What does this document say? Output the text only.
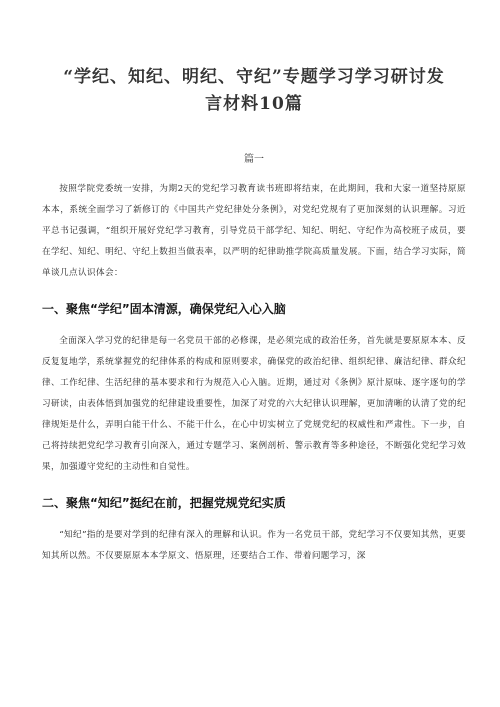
“学纪、知纪、明纪、守纪”专题学习学习研讨发言材料10篇
篇一

按照学院党委统一安排，为期2天的党纪学习教育读书班即将结束，在此期间，我和大家一道坚持原原本本，系统全面学习了新修订的《中国共产党纪律处分条例》，对党纪党规有了更加深刻的认识理解。习近平总书记强调，“组织开展好党纪学习教育，引导党员干部学纪、知纪、明纪、守纪作为高校班子成员，要在学纪、知纪、明纪、守纪上数担当做表率，以严明的纪律助推学院高质量发展。下面，结合学习实际，简单谈几点认识体会：

一、聚焦“学纪”固本清源，确保党纪入心入脑

全面深入学习党的纪律是每一名党员干部的必修课，是必须完成的政治任务，首先就是要原原本本、反反复复地学，系统掌握党的纪律体系的构成和原则要求，确保党的政治纪律、组织纪律、廉洁纪律、群众纪律、工作纪律、生活纪律的基本要求和行为规范入心入脑。近期，通过对《条例》原汁原味、逐字逐句的学习研读，由表体悟到加强党的纪律建设重要性，加深了对党的六大纪律认识理解，更加清晰的认清了党的纪律规矩是什么，弄明白能干什么、不能干什么，在心中切实树立了党规党纪的权威性和严肃性。下一步，自己将持续把党纪学习教育引向深入，通过专题学习、案例剖析、警示教育等多种途径，不断强化党纪学习效果，加强遵守党纪的主动性和自觉性。

二、聚焦“知纪”挺纪在前，把握党规党纪实质

“知纪”指的是要对学到的纪律有深入的理解和认识。作为一名党员干部，党纪学习不仅要知其然，更要知其所以然。不仅要原原本本学原文、悟原理，还要结合工作、带着问题学习，深
